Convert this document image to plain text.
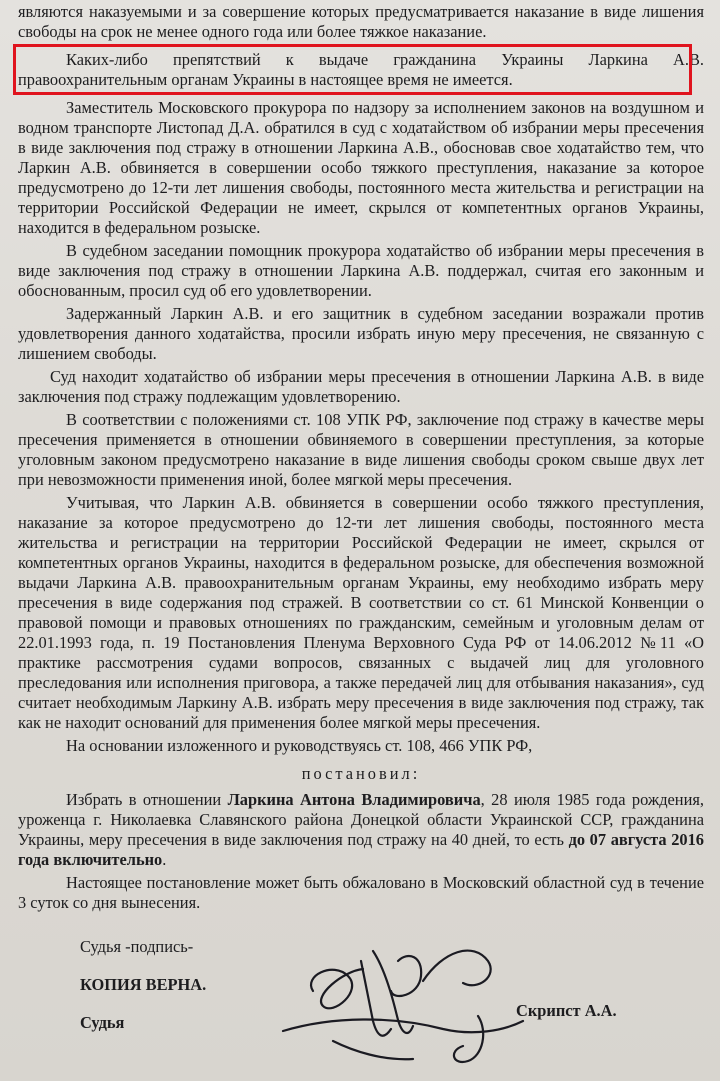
являются наказуемыми и за совершение которых предусматривается наказание в виде лишения свободы на срок не менее одного года или более тяжкое наказание.

Каких-либо препятствий к выдаче гражданина Украины Ларкина А.В. правоохранительным органам Украины в настоящее время не имеется.

Заместитель Московского прокурора по надзору за исполнением законов на воздушном и водном транспорте Листопад Д.А. обратился в суд с ходатайством об избрании меры пресечения в виде заключения под стражу в отношении Ларкина А.В., обосновав свое ходатайство тем, что Ларкин А.В. обвиняется в совершении особо тяжкого преступления, наказание за которое предусмотрено до 12-ти лет лишения свободы, постоянного места жительства и регистрации на территории Российской Федерации не имеет, скрылся от компетентных органов Украины, находится в федеральном розыске.

В судебном заседании помощник прокурора ходатайство об избрании меры пресечения в виде заключения под стражу в отношении Ларкина А.В. поддержал, считая его законным и обоснованным, просил суд об его удовлетворении.

Задержанный Ларкин А.В. и его защитник в судебном заседании возражали против удовлетворения данного ходатайства, просили избрать иную меру пресечения, не связанную с лишением свободы.

Суд находит ходатайство об избрании меры пресечения в отношении Ларкина А.В. в виде заключения под стражу подлежащим удовлетворению.

В соответствии с положениями ст. 108 УПК РФ, заключение под стражу в качестве меры пресечения применяется в отношении обвиняемого в совершении преступления, за которые уголовным законом предусмотрено наказание в виде лишения свободы сроком свыше двух лет при невозможности применения иной, более мягкой меры пресечения.

Учитывая, что Ларкин А.В. обвиняется в совершении особо тяжкого преступления, наказание за которое предусмотрено до 12-ти лет лишения свободы, постоянного места жительства и регистрации на территории Российской Федерации не имеет, скрылся от компетентных органов Украины, находится в федеральном розыске, для обеспечения возможной выдачи Ларкина А.В. правоохранительным органам Украины, ему необходимо избрать меру пресечения в виде содержания под стражей. В соответствии со ст. 61 Минской Конвенции о правовой помощи и правовых отношениях по гражданским, семейным и уголовным делам от 22.01.1993 года, п. 19 Постановления Пленума Верховного Суда РФ от 14.06.2012 №11 «О практике рассмотрения судами вопросов, связанных с выдачей лиц для уголовного преследования или исполнения приговора, а также передачей лиц для отбывания наказания», суд считает необходимым Ларкину А.В. избрать меру пресечения в виде заключения под стражу, так как не находит оснований для применения более мягкой меры пресечения.

На основании изложенного и руководствуясь ст. 108, 466 УПК РФ,

постановил:

Избрать в отношении Ларкина Антона Владимировича, 28 июля 1985 года рождения, уроженца г. Николаевка Славянского района Донецкой области Украинской ССР, гражданина Украины, меру пресечения в виде заключения под стражу на 40 дней, то есть до 07 августа 2016 года включительно.

Настоящее постановление может быть обжаловано в Московский областной суд в течение 3 суток со дня вынесения.

Судья -подпись-
КОПИЯ ВЕРНА.
Судья
Скрипст А.А.
